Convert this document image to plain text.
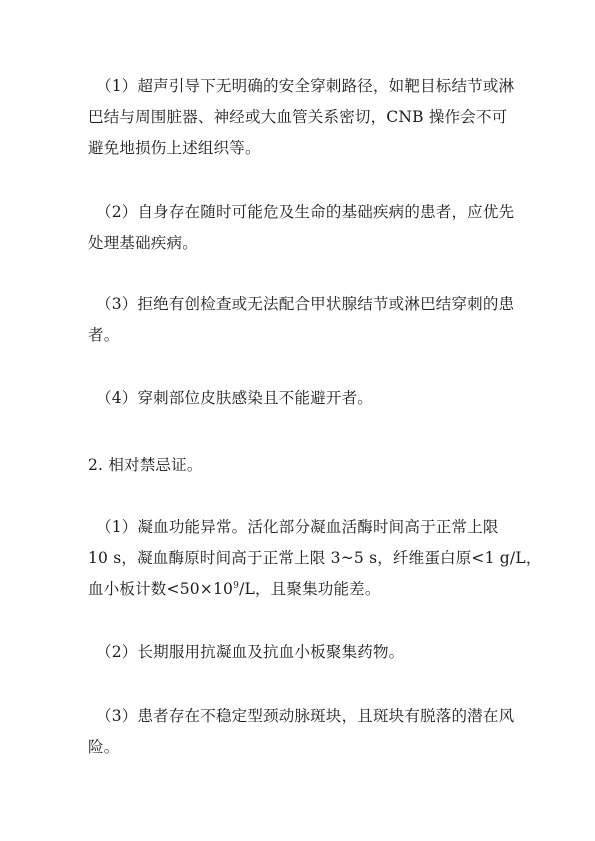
（1）超声引导下无明确的安全穿刺路径，如靶目标结节或淋
巴结与周围脏器、神经或大血管关系密切，CNB 操作会不可
避免地损伤上述组织等。

（2）自身存在随时可能危及生命的基础疾病的患者，应优先
处理基础疾病。

（3）拒绝有创检查或无法配合甲状腺结节或淋巴结穿刺的患
者。

（4）穿刺部位皮肤感染且不能避开者。

2. 相对禁忌证。

（1）凝血功能异常。活化部分凝血活酶时间高于正常上限
10 s，凝血酶原时间高于正常上限 3~5 s，纤维蛋白原<1 g/L，
血小板计数$<50\times 10^9/L$，且聚集功能差。

（2）长期服用抗凝血及抗血小板聚集药物。

（3）患者存在不稳定型颈动脉斑块，且斑块有脱落的潜在风
险。
